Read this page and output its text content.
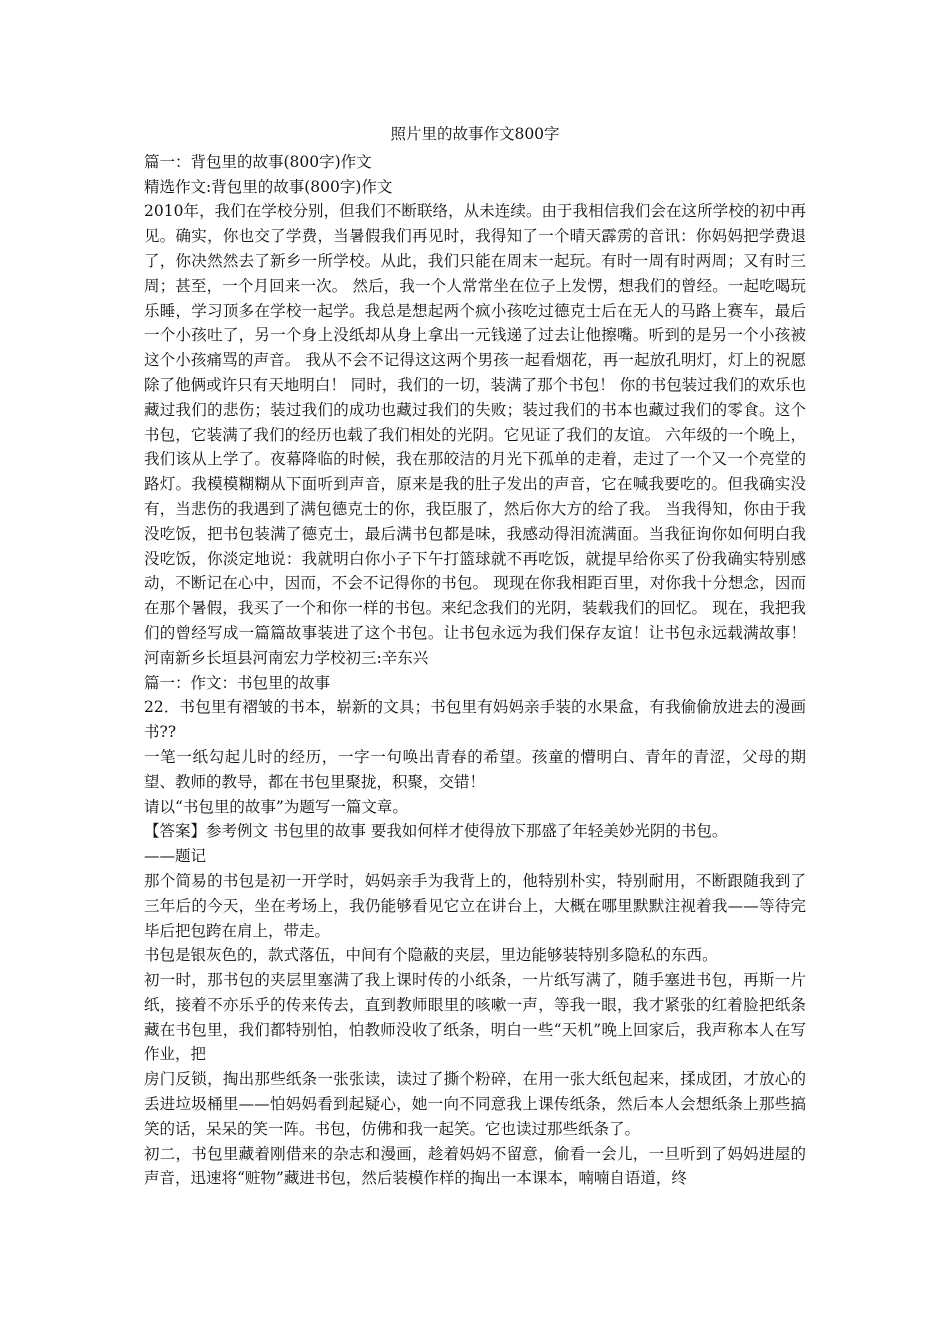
照片里的故事作文800字

篇一：背包里的故事(800字)作文

精选作文:背包里的故事(800字)作文

2010年，我们在学校分别，但我们不断联络，从未连续。由于我相信我们会在这所学校的初中再见。确实，你也交了学费，当暑假我们再见时，我得知了一个晴天霹雳的音讯：你妈妈把学费退了，你决然然去了新乡一所学校。从此，我们只能在周末一起玩。有时一周有时两周；又有时三周；甚至，一个月回来一次。 然后，我一个人常常坐在位子上发愣，想我们的曾经。一起吃喝玩乐睡，学习顶多在学校一起学。我总是想起两个疯小孩吃过德克士后在无人的马路上赛车，最后一个小孩吐了，另一个身上没纸却从身上拿出一元钱递了过去让他擦嘴。听到的是另一个小孩被这个小孩痛骂的声音。 我从不会不记得这这两个男孩一起看烟花，再一起放孔明灯，灯上的祝愿除了他俩或许只有天地明白！ 同时，我们的一切，装满了那个书包！ 你的书包装过我们的欢乐也藏过我们的悲伤；装过我们的成功也藏过我们的失败；装过我们的书本也藏过我们的零食。这个书包，它装满了我们的经历也载了我们相处的光阴。它见证了我们的友谊。 六年级的一个晚上，我们该从上学了。夜幕降临的时候，我在那皎洁的月光下孤单的走着，走过了一个又一个亮堂的路灯。我模模糊糊从下面听到声音，原来是我的肚子发出的声音，它在喊我要吃的。但我确实没有，当悲伤的我遇到了满包德克士的你，我臣服了，然后你大方的给了我。 当我得知，你由于我没吃饭，把书包装满了德克士，最后满书包都是味，我感动得泪流满面。当我征询你如何明白我没吃饭，你淡定地说：我就明白你小子下午打篮球就不再吃饭，就提早给你买了份我确实特别感动，不断记在心中，因而，不会不记得你的书包。 现现在你我相距百里，对你我十分想念，因而在那个暑假，我买了一个和你一样的书包。来纪念我们的光阴，装载我们的回忆。 现在，我把我们的曾经写成一篇篇故事装进了这个书包。让书包永远为我们保存友谊！让书包永远载满故事！河南新乡长垣县河南宏力学校初三:辛东兴

篇一：作文：书包里的故事

22．书包里有褶皱的书本，崭新的文具；书包里有妈妈亲手装的水果盒，有我偷偷放进去的漫画书??

一笔一纸勾起儿时的经历，一字一句唤出青春的希望。孩童的懵明白、青年的青涩，父母的期望、教师的教导，都在书包里聚拢，积聚，交错！

请以“书包里的故事”为题写一篇文章。

【答案】参考例文 书包里的故事 要我如何样才使得放下那盛了年轻美妙光阴的书包。

——题记

那个简易的书包是初一开学时，妈妈亲手为我背上的，他特别朴实，特别耐用，不断跟随我到了三年后的今天，坐在考场上，我仍能够看见它立在讲台上，大概在哪里默默注视着我——等待完毕后把包跨在肩上，带走。

书包是银灰色的，款式落伍，中间有个隐蔽的夹层，里边能够装特别多隐私的东西。

初一时，那书包的夹层里塞满了我上课时传的小纸条，一片纸写满了，随手塞进书包，再斯一片纸，接着不亦乐乎的传来传去，直到教师眼里的咳嗽一声，等我一眼，我才紧张的红着脸把纸条藏在书包里，我们都特别怕，怕教师没收了纸条，明白一些“天机”晚上回家后，我声称本人在写作业，把

房门反锁，掏出那些纸条一张张读，读过了撕个粉碎，在用一张大纸包起来，揉成团，才放心的丢进垃圾桶里——怕妈妈看到起疑心，她一向不同意我上课传纸条，然后本人会想纸条上那些搞笑的话，呆呆的笑一阵。书包，仿佛和我一起笑。它也读过那些纸条了。

初二，书包里藏着刚借来的杂志和漫画，趁着妈妈不留意，偷看一会儿，一旦听到了妈妈进屋的声音，迅速将“赃物”藏进书包，然后装模作样的掏出一本课本，喃喃自语道，终
